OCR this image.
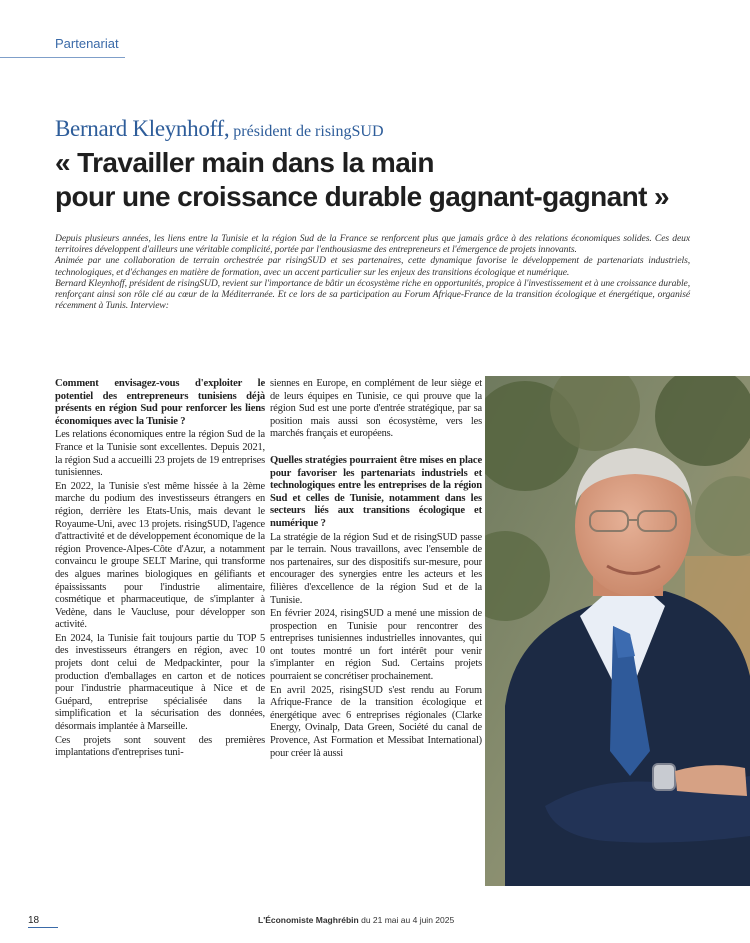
Partenariat
Bernard Kleynhoff, président de risingSUD
« Travailler main dans la main
pour une croissance durable gagnant-gagnant »

Depuis plusieurs années, les liens entre la Tunisie et la région Sud de la France se renforcent plus que jamais grâce à des relations économiques solides. Ces deux territoires développent d'ailleurs une véritable complicité, portée par l'enthousiasme des entrepreneurs et l'émergence de projets innovants.

Animée par une collaboration de terrain orchestrée par risingSUD et ses partenaires, cette dynamique favorise le développement de partenariats industriels, technologiques, et d'échanges en matière de formation, avec un accent particulier sur les enjeux des transitions écologique et numérique.

Bernard Kleynhoff, président de risingSUD, revient sur l'importance de bâtir un écosystème riche en opportunités, propice à l'investissement et à une croissance durable, renforçant ainsi son rôle clé au cœur de la Méditerranée. Et ce lors de sa participation au Forum Afrique-France de la transition écologique et énergétique, organisé récemment à Tunis. Interview:

Comment envisagez-vous d'exploiter le potentiel des entrepreneurs tunisiens déjà présents en région Sud pour renforcer les liens économiques avec la Tunisie ?

Les relations économiques entre la région Sud de la France et la Tunisie sont excellentes. Depuis 2021, la région Sud a accueilli 23 projets de 19 entreprises tunisiennes.

En 2022, la Tunisie s'est même hissée à la 2ème marche du podium des investisseurs étrangers en région, derrière les Etats-Unis, mais devant le Royaume-Uni, avec 13 projets. risingSUD, l'agence d'attractivité et de développement économique de la région Provence-Alpes-Côte d'Azur, a notamment convaincu le groupe SELT Marine, qui transforme des algues marines biologiques en gélifiants et épaississants pour l'industrie alimentaire, cosmétique et pharmaceutique, de s'implanter à Vedène, dans le Vaucluse, pour développer son activité.

En 2024, la Tunisie fait toujours partie du TOP 5 des investisseurs étrangers en région, avec 10 projets dont celui de Medpackinter, pour la production d'emballages en carton et de notices pour l'industrie pharmaceutique à Nice et de Guépard, entreprise spécialisée dans la simplification et la sécurisation des données, désormais implantée à Marseille.

Ces projets sont souvent des premières implantations d'entreprises tuni-

siennes en Europe, en complément de leur siège et de leurs équipes en Tunisie, ce qui prouve que la région Sud est une porte d'entrée stratégique, par sa position mais aussi son écosystème, vers les marchés français et européens.

Quelles stratégies pourraient être mises en place pour favoriser les partenariats industriels et technologiques entre les entreprises de la région Sud et celles de Tunisie, notamment dans les secteurs liés aux transitions écologique et numérique ?

La stratégie de la région Sud et de risingSUD passe par le terrain. Nous travaillons, avec l'ensemble de nos partenaires, sur des dispositifs sur-mesure, pour encourager des synergies entre les acteurs et les filières d'excellence de la région Sud et de la Tunisie.

En février 2024, risingSUD a mené une mission de prospection en Tunisie pour rencontrer des entreprises tunisiennes industrielles innovantes, qui ont toutes montré un fort intérêt pour venir s'implanter en région Sud. Certains projets pourraient se concrétiser prochainement.

En avril 2025, risingSUD s'est rendu au Forum Afrique-France de la transition écologique et énergétique avec 6 entreprises régionales (Clarke Energy, Ovinalp, Data Green, Société du canal de Provence, Ast Formation et Messibat International) pour créer là aussi

18	L'Économiste Maghrébin du 21 mai au 4 juin 2025
